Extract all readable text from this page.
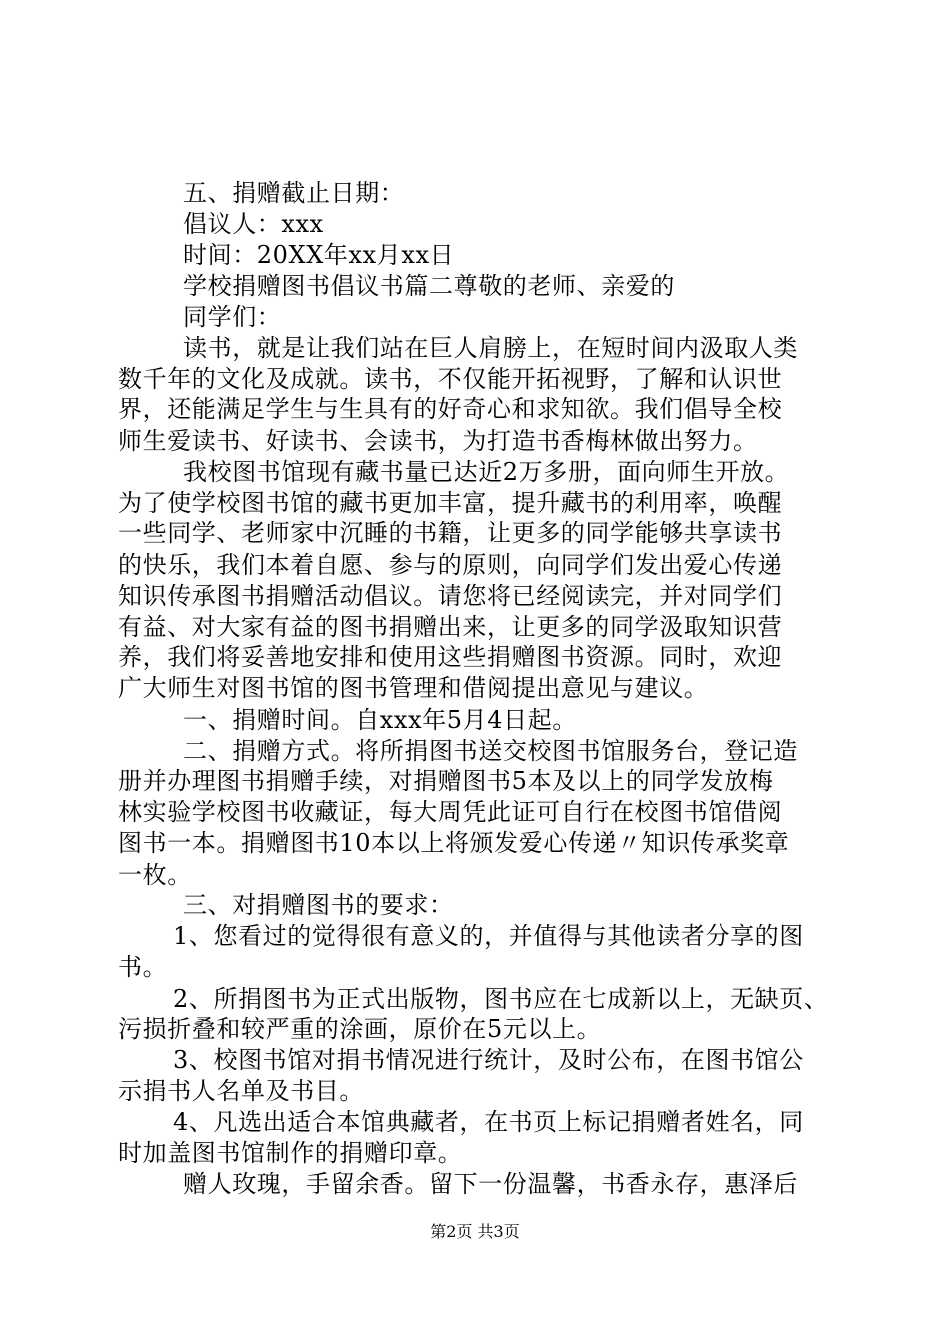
五、捐赠截止日期：
倡议人：xxx
时间：20XX年xx月xx日
学校捐赠图书倡议书篇二尊敬的老师、亲爱的
同学们：
读书，就是让我们站在巨人肩膀上，在短时间内汲取人类
数千年的文化及成就。读书，不仅能开拓视野，了解和认识世
界，还能满足学生与生具有的好奇心和求知欲。我们倡导全校
师生爱读书、好读书、会读书，为打造书香梅林做出努力。
我校图书馆现有藏书量已达近2万多册，面向师生开放。
为了使学校图书馆的藏书更加丰富，提升藏书的利用率，唤醒
一些同学、老师家中沉睡的书籍，让更多的同学能够共享读书
的快乐，我们本着自愿、参与的原则，向同学们发出爱心传递
知识传承图书捐赠活动倡议。请您将已经阅读完，并对同学们
有益、对大家有益的图书捐赠出来，让更多的同学汲取知识营
养，我们将妥善地安排和使用这些捐赠图书资源。同时，欢迎
广大师生对图书馆的图书管理和借阅提出意见与建议。
一、捐赠时间。自xxx年5月4日起。
二、捐赠方式。将所捐图书送交校图书馆服务台，登记造
册并办理图书捐赠手续，对捐赠图书5本及以上的同学发放梅
林实验学校图书收藏证，每大周凭此证可自行在校图书馆借阅
图书一本。捐赠图书10本以上将颁发爱心传递〃知识传承奖章
一枚。
三、对捐赠图书的要求：
1、您看过的觉得很有意义的，并值得与其他读者分享的图
书。
2、所捐图书为正式出版物，图书应在七成新以上，无缺页、
污损折叠和较严重的涂画，原价在5元以上。
3、校图书馆对捐书情况进行统计，及时公布，在图书馆公
示捐书人名单及书目。
4、凡选出适合本馆典藏者，在书页上标记捐赠者姓名，同
时加盖图书馆制作的捐赠印章。
赠人玫瑰，手留余香。留下一份温馨，书香永存，惠泽后
第2页 共3页
